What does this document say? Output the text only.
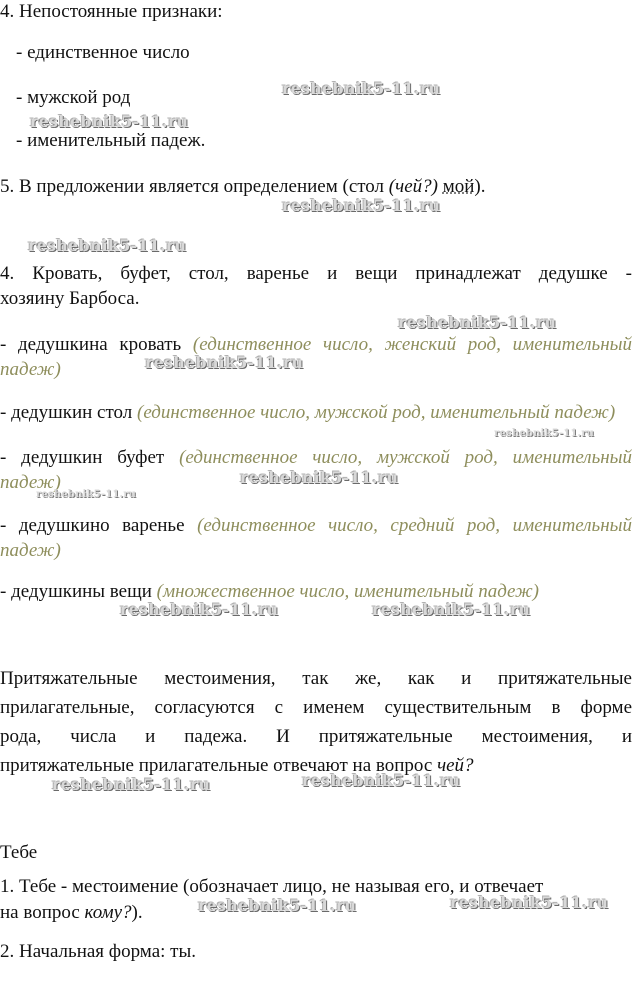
4. Непостоянные признаки:
- единственное число
- мужской род
- именительный падеж.
5. В предложении является определением (стол (чей?) мой).
4. Кровать, буфет, стол, варенье и вещи принадлежат дедушке -
хозяину Барбоса.
- дедушкина кровать (единственное число, женский род, именительный
падеж)
- дедушкин стол (единственное число, мужской род, именительный падеж)
- дедушкин буфет (единственное число, мужской род, именительный
падеж)
- дедушкино варенье (единственное число, средний род, именительный
падеж)
- дедушкины вещи (множественное число, именительный падеж)
Притяжательные местоимения, так же, как и притяжательные
прилагательные, согласуются с именем существительным в форме
рода, числа и падежа. И притяжательные местоимения, и
притяжательные прилагательные отвечают на вопрос чей?
Тебе
1. Тебе - местоимение (обозначает лицо, не называя его, и отвечает
на вопрос кому?).
2. Начальная форма: ты.
reshebnik5-11.ru
reshebnik5-11.ru
reshebnik5-11.ru
reshebnik5-11.ru
reshebnik5-11.ru
reshebnik5-11.ru
reshebnik5-11.ru
reshebnik5-11.ru
reshebnik5-11.ru
reshebnik5-11.ru	reshebnik5-11.ru
reshebnik5-11.ru	reshebnik5-11.ru
reshebnik5-11.ru	reshebnik5-11.ru
